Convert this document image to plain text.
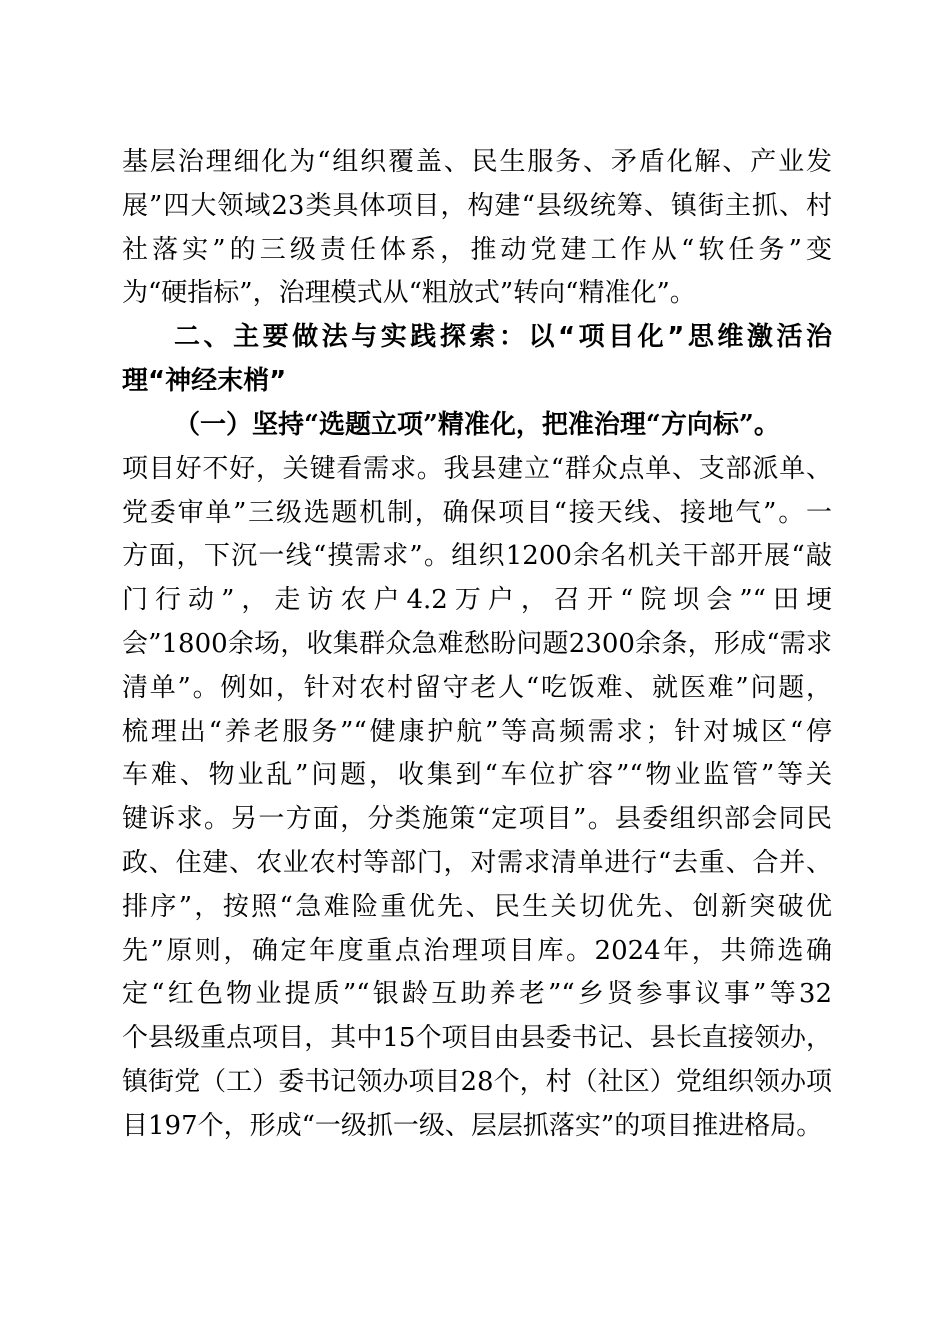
基层治理细化为“组织覆盖、民生服务、矛盾化解、产业发
展”四大领域23类具体项目，构建“县级统筹、镇街主抓、村
社落实”的三级责任体系，推动党建工作从“软任务”变
为“硬指标”，治理模式从“粗放式”转向“精准化”。
二、主要做法与实践探索：以“项目化”思维激活治
理“神经末梢”
（一）坚持“选题立项”精准化，把准治理“方向标”。
项目好不好，关键看需求。我县建立“群众点单、支部派单、
党委审单”三级选题机制，确保项目“接天线、接地气”。一
方面，下沉一线“摸需求”。组织1200余名机关干部开展“敲
门行动”，走访农户4.2万户，召开“院坝会”“田埂
会”1800余场，收集群众急难愁盼问题2300余条，形成“需求
清单”。例如，针对农村留守老人“吃饭难、就医难”问题，
梳理出“养老服务”“健康护航”等高频需求；针对城区“停
车难、物业乱”问题，收集到“车位扩容”“物业监管”等关
键诉求。另一方面，分类施策“定项目”。县委组织部会同民
政、住建、农业农村等部门，对需求清单进行“去重、合并、
排序”，按照“急难险重优先、民生关切优先、创新突破优
先”原则，确定年度重点治理项目库。2024年，共筛选确
定“红色物业提质”“银龄互助养老”“乡贤参事议事”等32
个县级重点项目，其中15个项目由县委书记、县长直接领办，
镇街党（工）委书记领办项目28个，村（社区）党组织领办项
目197个，形成“一级抓一级、层层抓落实”的项目推进格局。
